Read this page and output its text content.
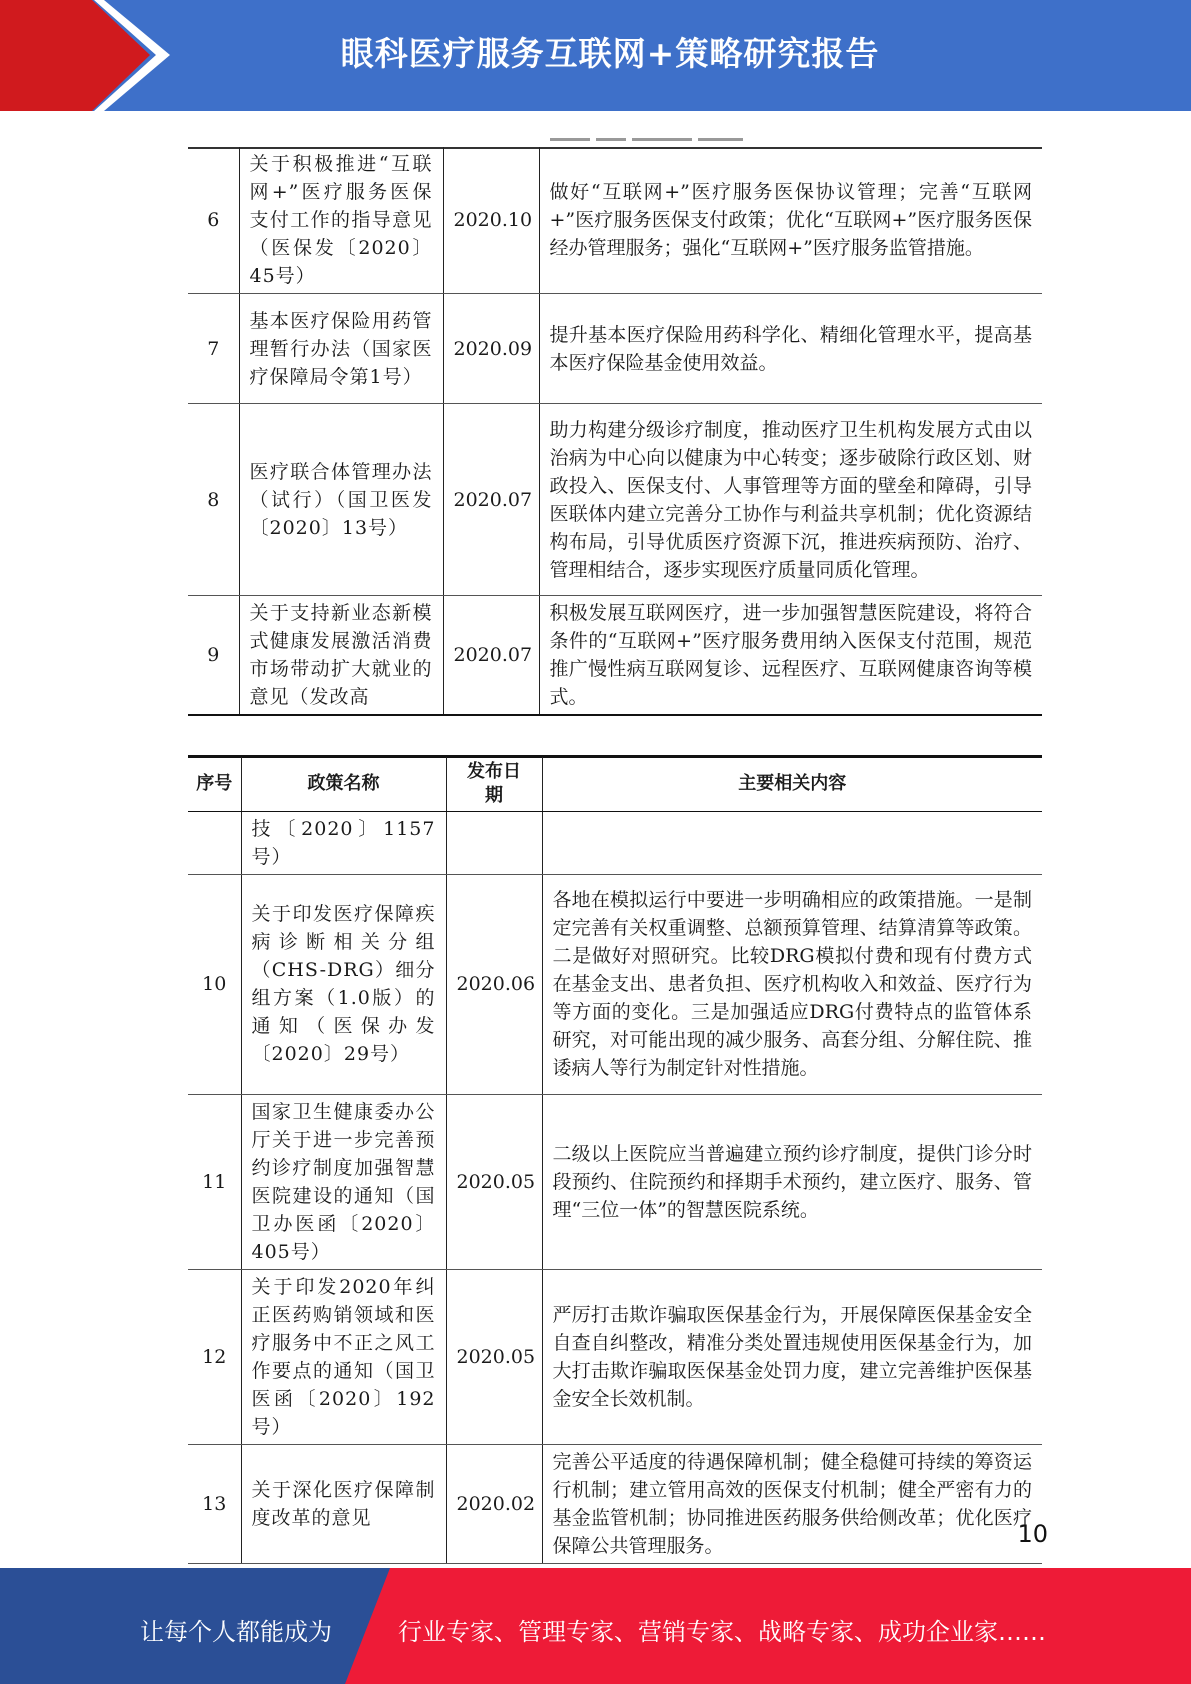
眼科医疗服务互联网+策略研究报告
6	关于积极推进“互联网+”医疗服务医保支付工作的指导意见（医保发〔2020〕45号）	2020.10	做好“互联网+”医疗服务医保协议管理；完善“互联网+”医疗服务医保支付政策；优化“互联网+”医疗服务医保经办管理服务；强化“互联网+”医疗服务监管措施。
7	基本医疗保险用药管理暂行办法（国家医疗保障局令第1号）	2020.09	提升基本医疗保险用药科学化、精细化管理水平，提高基本医疗保险基金使用效益。
8	医疗联合体管理办法（试行）（国卫医发〔2020〕13号）	2020.07	助力构建分级诊疗制度，推动医疗卫生机构发展方式由以治病为中心向以健康为中心转变；逐步破除行政区划、财政投入、医保支付、人事管理等方面的壁垒和障碍，引导医联体内建立完善分工协作与利益共享机制；优化资源结构布局，引导优质医疗资源下沉，推进疾病预防、治疗、管理相结合，逐步实现医疗质量同质化管理。
9	关于支持新业态新模式健康发展激活消费市场带动扩大就业的意见（发改高	2020.07	积极发展互联网医疗，进一步加强智慧医院建设，将符合条件的“互联网+”医疗服务费用纳入医保支付范围，规范推广慢性病互联网复诊、远程医疗、互联网健康咨询等模式。
序号	政策名称	发布日期	主要相关内容
	技〔2020〕1157号）		
10	关于印发医疗保障疾病诊断相关分组（CHS-DRG）细分组方案（1.0版）的通知（医保办发〔2020〕29号）	2020.06	各地在模拟运行中要进一步明确相应的政策措施。一是制定完善有关权重调整、总额预算管理、结算清算等政策。二是做好对照研究。比较DRG模拟付费和现有付费方式在基金支出、患者负担、医疗机构收入和效益、医疗行为等方面的变化。三是加强适应DRG付费特点的监管体系研究，对可能出现的减少服务、高套分组、分解住院、推诿病人等行为制定针对性措施。
11	国家卫生健康委办公厅关于进一步完善预约诊疗制度加强智慧医院建设的通知（国卫办医函〔2020〕405号）	2020.05	二级以上医院应当普遍建立预约诊疗制度，提供门诊分时段预约、住院预约和择期手术预约，建立医疗、服务、管理“三位一体”的智慧医院系统。
12	关于印发2020年纠正医药购销领域和医疗服务中不正之风工作要点的通知（国卫医函〔2020〕192号）	2020.05	严厉打击欺诈骗取医保基金行为，开展保障医保基金安全自查自纠整改，精准分类处置违规使用医保基金行为，加大打击欺诈骗取医保基金处罚力度，建立完善维护医保基金安全长效机制。
13	关于深化医疗保障制度改革的意见	2020.02	完善公平适度的待遇保障机制；健全稳健可持续的筹资运行机制；建立管用高效的医保支付机制；健全严密有力的基金监管机制；协同推进医药服务供给侧改革；优化医疗保障公共管理服务。	10
让每个人都能成为	行业专家、管理专家、营销专家、战略专家、成功企业家……
